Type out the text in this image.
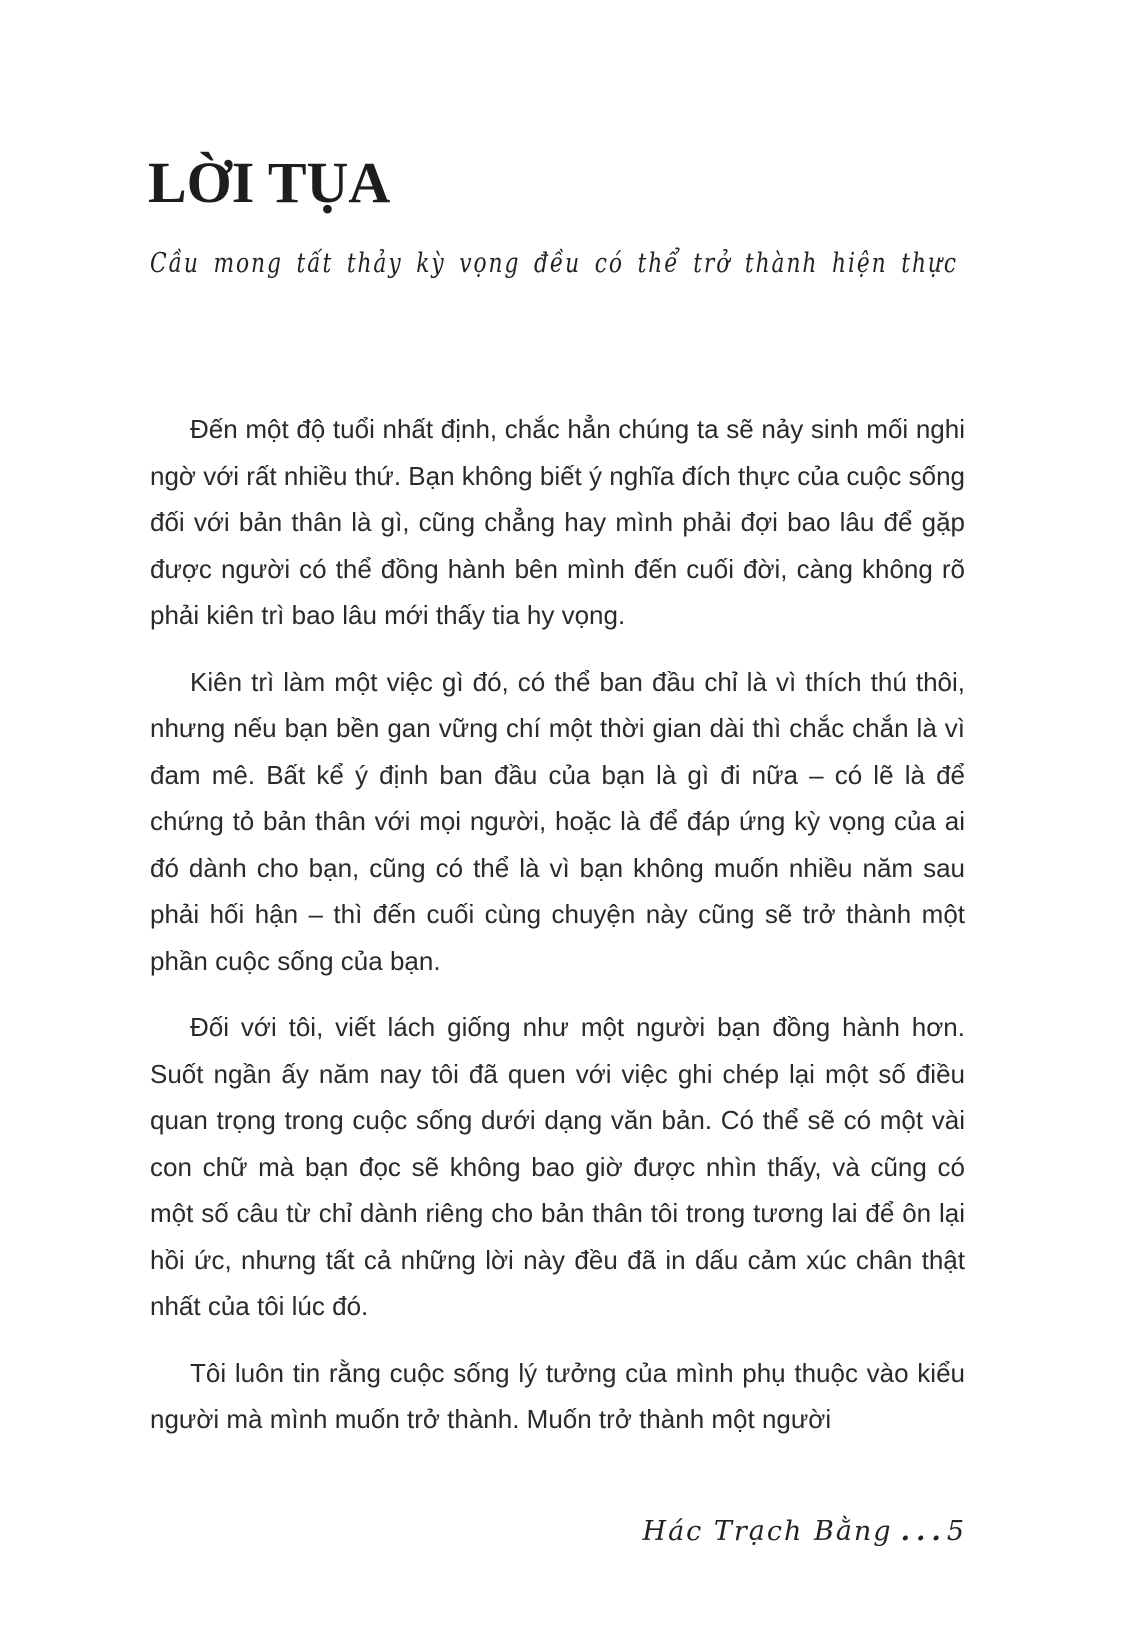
LỜI TỤA
Cầu mong tất thảy kỳ vọng đều có thể trở thành hiện thực

Đến một độ tuổi nhất định, chắc hẳn chúng ta sẽ nảy sinh mối nghi ngờ với rất nhiều thứ. Bạn không biết ý nghĩa đích thực của cuộc sống đối với bản thân là gì, cũng chẳng hay mình phải đợi bao lâu để gặp được người có thể đồng hành bên mình đến cuối đời, càng không rõ phải kiên trì bao lâu mới thấy tia hy vọng.

Kiên trì làm một việc gì đó, có thể ban đầu chỉ là vì thích thú thôi, nhưng nếu bạn bền gan vững chí một thời gian dài thì chắc chắn là vì đam mê. Bất kể ý định ban đầu của bạn là gì đi nữa – có lẽ là để chứng tỏ bản thân với mọi người, hoặc là để đáp ứng kỳ vọng của ai đó dành cho bạn, cũng có thể là vì bạn không muốn nhiều năm sau phải hối hận – thì đến cuối cùng chuyện này cũng sẽ trở thành một phần cuộc sống của bạn.

Đối với tôi, viết lách giống như một người bạn đồng hành hơn. Suốt ngần ấy năm nay tôi đã quen với việc ghi chép lại một số điều quan trọng trong cuộc sống dưới dạng văn bản. Có thể sẽ có một vài con chữ mà bạn đọc sẽ không bao giờ được nhìn thấy, và cũng có một số câu từ chỉ dành riêng cho bản thân tôi trong tương lai để ôn lại hồi ức, nhưng tất cả những lời này đều đã in dấu cảm xúc chân thật nhất của tôi lúc đó.

Tôi luôn tin rằng cuộc sống lý tưởng của mình phụ thuộc vào kiểu người mà mình muốn trở thành. Muốn trở thành một người

Hác Trạch Bằng ...5
